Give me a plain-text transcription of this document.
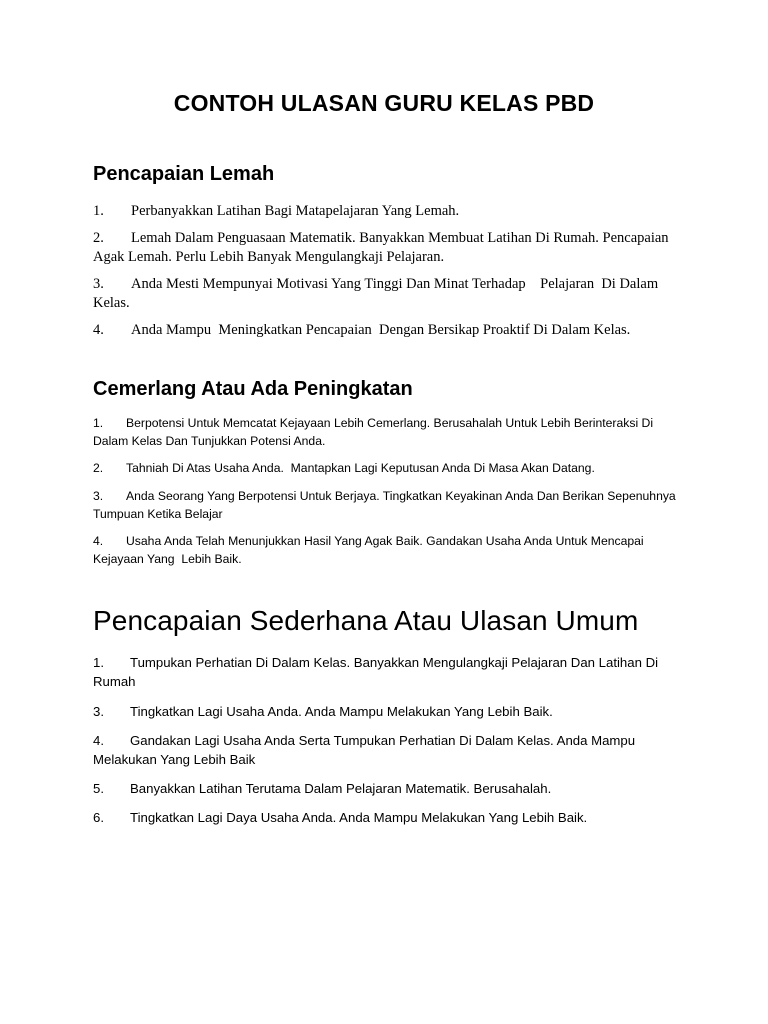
CONTOH ULASAN GURU KELAS PBD
Pencapaian Lemah

1. Perbanyakkan Latihan Bagi Matapelajaran Yang Lemah.

2. Lemah Dalam Penguasaan Matematik. Banyakkan Membuat Latihan Di Rumah. Pencapaian Agak Lemah. Perlu Lebih Banyak Mengulangkaji Pelajaran.

3. Anda Mesti Mempunyai Motivasi Yang Tinggi Dan Minat Terhadap    Pelajaran  Di Dalam Kelas.

4. Anda Mampu  Meningkatkan Pencapaian  Dengan Bersikap Proaktif Di Dalam Kelas.

Cemerlang Atau Ada Peningkatan

1. Berpotensi Untuk Memcatat Kejayaan Lebih Cemerlang. Berusahalah Untuk Lebih Berinteraksi Di Dalam Kelas Dan Tunjukkan Potensi Anda.

2. Tahniah Di Atas Usaha Anda.  Mantapkan Lagi Keputusan Anda Di Masa Akan Datang.

3. Anda Seorang Yang Berpotensi Untuk Berjaya. Tingkatkan Keyakinan Anda Dan Berikan Sepenuhnya Tumpuan Ketika Belajar

4. Usaha Anda Telah Menunjukkan Hasil Yang Agak Baik. Gandakan Usaha Anda Untuk Mencapai Kejayaan Yang  Lebih Baik.

Pencapaian Sederhana Atau Ulasan Umum

1. Tumpukan Perhatian Di Dalam Kelas. Banyakkan Mengulangkaji Pelajaran Dan Latihan Di Rumah

3. Tingkatkan Lagi Usaha Anda. Anda Mampu Melakukan Yang Lebih Baik.

4. Gandakan Lagi Usaha Anda Serta Tumpukan Perhatian Di Dalam Kelas. Anda Mampu Melakukan Yang Lebih Baik

5. Banyakkan Latihan Terutama Dalam Pelajaran Matematik. Berusahalah.

6. Tingkatkan Lagi Daya Usaha Anda. Anda Mampu Melakukan Yang Lebih Baik.
